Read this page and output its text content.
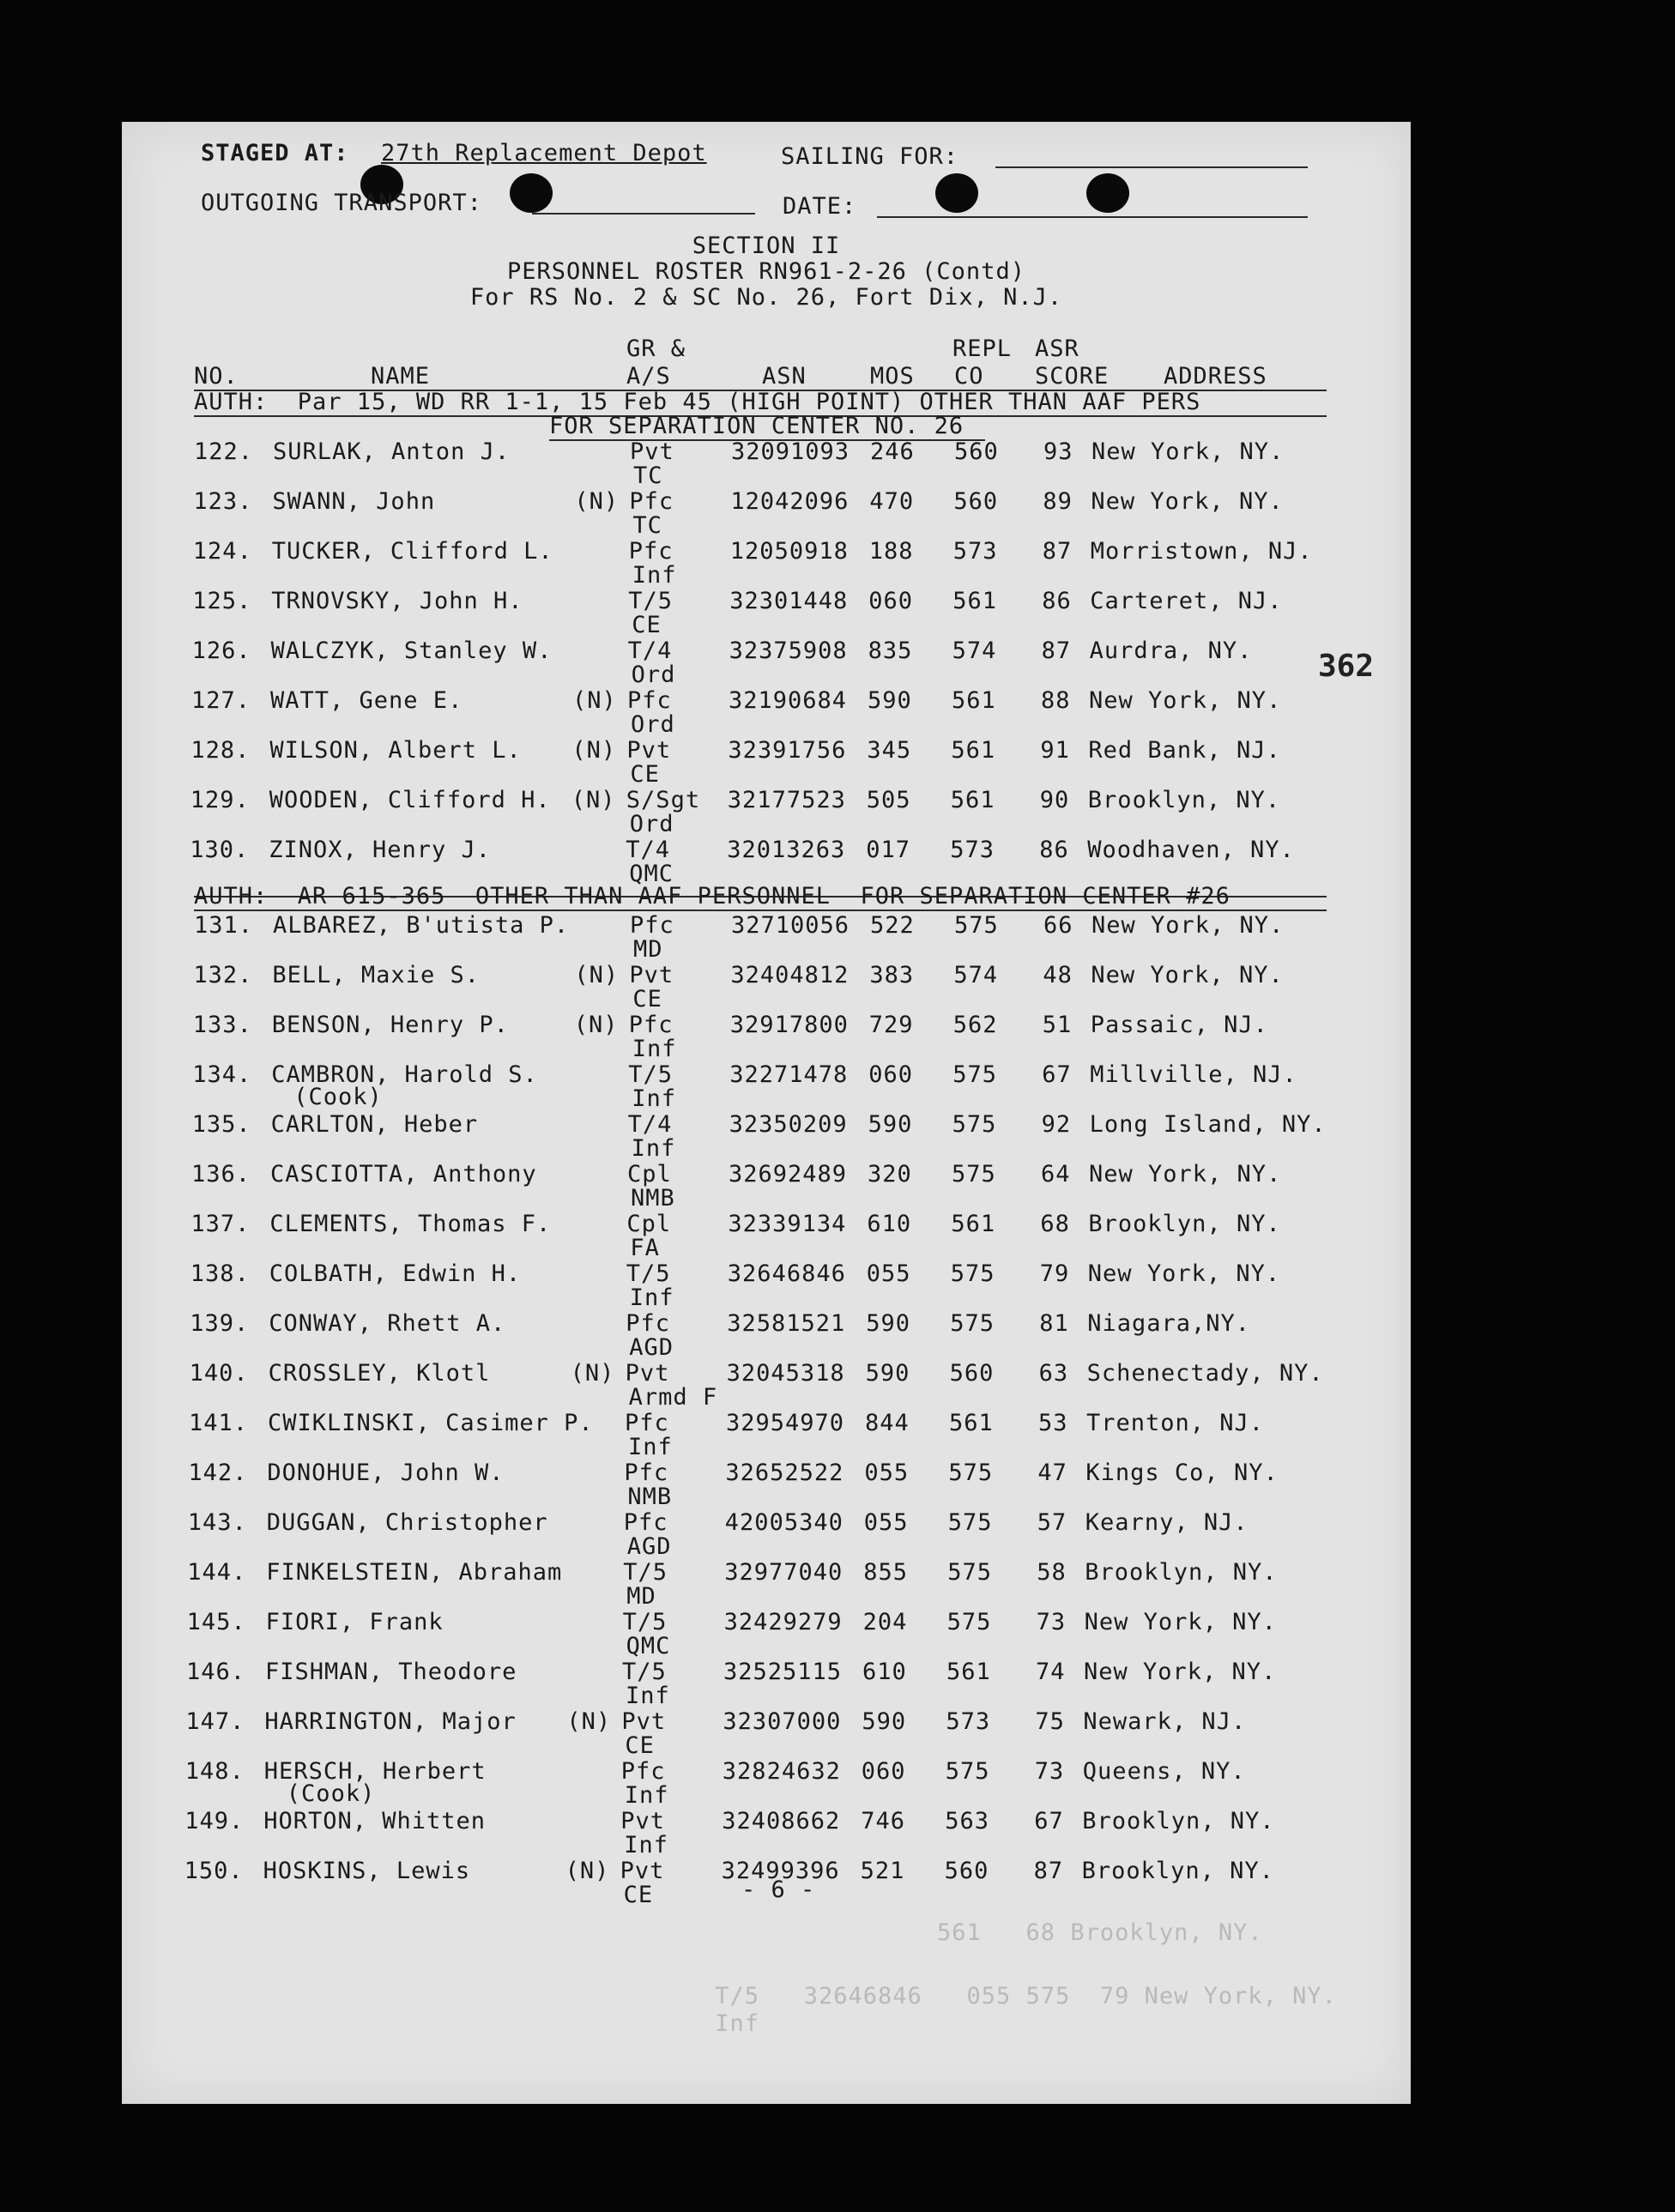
STAGED AT: 27th Replacement Depot	SAILING FOR:
OUTGOING TRANSPORT:	DATE:
SECTION II
PERSONNEL ROSTER RN961-2-26 (Contd)
For RS No. 2 & SC No. 26, Fort Dix, N.J.
GR &	REPL ASR
NO.	NAME	A/S	ASN	MOS CO SCORE ADDRESS
AUTH:  Par 15, WD RR 1-1, 15 Feb 45 (HIGH POINT) OTHER THAN AAF PERS
FOR SEPARATION CENTER NO. 26
122. SURLAK, Anton J.	Pvt 32091093 246 560 93 New York, NY.
TC
123. SWANN, John	(N) Pfc 12042096 470 560 89 New York, NY.
TC
124. TUCKER, Clifford L.	Pfc 12050918 188 573 87 Morristown, NJ.
Inf
125. TRNOVSKY, John H.	T/5 32301448 060 561 86 Carteret, NJ.
CE
126. WALCZYK, Stanley W.	T/4 32375908 835 574 87 Aurdra, NY.
Ord
127. WATT, Gene E.	(N) Pfc 32190684 590 561 88 New York, NY.
Ord
128. WILSON, Albert L. (N) Pvt 32391756 345 561 91 Red Bank, NJ.
CE
129. WOODEN, Clifford H. (N) S/Sgt 32177523 505 561 90 Brooklyn, NY.
Ord
130. ZINOX, Henry J.	T/4 32013263 017 573 86 Woodhaven, NY.
QMC
AUTH:  AR 615-365  OTHER THAN AAF PERSONNEL  FOR SEPARATION CENTER #26
131. ALBAREZ, B'utista P.	Pfc 32710056 522 575 66 New York, NY.
MD
132. BELL, Maxie S.	(N) Pvt 32404812 383 574 48 New York, NY.
CE
133. BENSON, Henry P.	(N) Pfc 32917800 729 562 51 Passaic, NJ.
Inf
134. CAMBRON, Harold S.	T/5 32271478 060 575 67 Millville, NJ.
Inf
(Cook)
135. CARLTON, Heber	T/4 32350209 590 575 92 Long Island, NY.
Inf
136. CASCIOTTA, Anthony	Cpl 32692489 320 575 64 New York, NY.
NMB
137. CLEMENTS, Thomas F.	Cpl 32339134 610 561 68 Brooklyn, NY.
FA
138. COLBATH, Edwin H.	T/5 32646846 055 575 79 New York, NY.
Inf
139. CONWAY, Rhett A.	Pfc 32581521 590 575 81 Niagara,NY.
AGD
140. CROSSLEY, Klotl	(N) Pvt 32045318 590 560 63 Schenectady, NY.
Armd F
141. CWIKLINSKI, Casimer P. Pfc 32954970 844 561 53 Trenton, NJ.
Inf
142. DONOHUE, John W.	Pfc 32652522 055 575 47 Kings Co, NY.
NMB
143. DUGGAN, Christopher	Pfc 42005340 055 575 57 Kearny, NJ.
AGD
144. FINKELSTEIN, Abraham	T/5 32977040 855 575 58 Brooklyn, NY.
MD
145. FIORI, Frank	T/5 32429279 204 575 73 New York, NY.
QMC
146. FISHMAN, Theodore	T/5 32525115 610 561 74 New York, NY.
Inf
147. HARRINGTON, Major (N) Pvt 32307000 590 573 75 Newark, NJ.
CE
148. HERSCH, Herbert	Pfc 32824632 060 575 73 Queens, NY.
Inf
(Cook)
149. HORTON, Whitten	Pvt 32408662 746 563 67 Brooklyn, NY.
Inf
150. HOSKINS, Lewis	(N) Pvt 32499396 521 560 87 Brooklyn, NY.
CE	- 6 -
362
561   68 Brooklyn, NY.
T/5   32646846   055 575  79 New York, NY.
Inf
